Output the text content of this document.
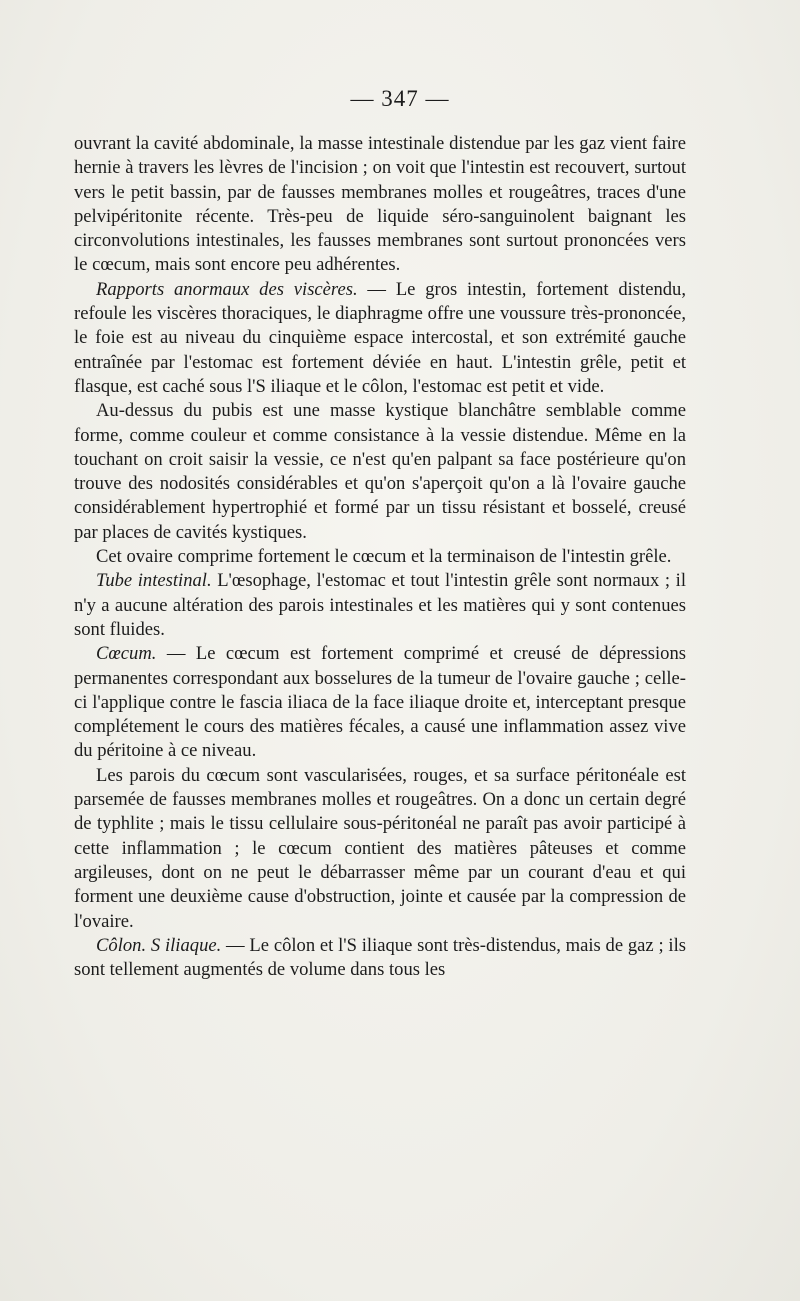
— 347 —

ouvrant la cavité abdominale, la masse intestinale distendue par les gaz vient faire hernie à travers les lèvres de l'incision ; on voit que l'intestin est recouvert, surtout vers le petit bassin, par de fausses membranes molles et rougeâtres, traces d'une pelvipéritonite récente. Très-peu de liquide séro-sanguinolent baignant les circonvolutions intestinales, les fausses membranes sont surtout prononcées vers le cœcum, mais sont encore peu adhérentes.

Rapports anormaux des viscères. — Le gros intestin, fortement distendu, refoule les viscères thoraciques, le diaphragme offre une voussure très-prononcée, le foie est au niveau du cinquième espace intercostal, et son extrémité gauche entraînée par l'estomac est fortement déviée en haut. L'intestin grêle, petit et flasque, est caché sous l'S iliaque et le côlon, l'estomac est petit et vide.

Au-dessus du pubis est une masse kystique blanchâtre semblable comme forme, comme couleur et comme consistance à la vessie distendue. Même en la touchant on croit saisir la vessie, ce n'est qu'en palpant sa face postérieure qu'on trouve des nodosités considérables et qu'on s'aperçoit qu'on a là l'ovaire gauche considérablement hypertrophié et formé par un tissu résistant et bosselé, creusé par places de cavités kystiques.

Cet ovaire comprime fortement le cœcum et la terminaison de l'intestin grêle.

Tube intestinal. L'œsophage, l'estomac et tout l'intestin grêle sont normaux ; il n'y a aucune altération des parois intestinales et les matières qui y sont contenues sont fluides.

Cœcum. — Le cœcum est fortement comprimé et creusé de dépressions permanentes correspondant aux bosselures de la tumeur de l'ovaire gauche ; celle-ci l'applique contre le fascia iliaca de la face iliaque droite et, interceptant presque complétement le cours des matières fécales, a causé une inflammation assez vive du péritoine à ce niveau.

Les parois du cœcum sont vascularisées, rouges, et sa surface péritonéale est parsemée de fausses membranes molles et rougeâtres. On a donc un certain degré de typhlite ; mais le tissu cellulaire sous-péritonéal ne paraît pas avoir participé à cette inflammation ; le cœcum contient des matières pâteuses et comme argileuses, dont on ne peut le débarrasser même par un courant d'eau et qui forment une deuxième cause d'obstruction, jointe et causée par la compression de l'ovaire.

Côlon. S iliaque. — Le côlon et l'S iliaque sont très-distendus, mais de gaz ; ils sont tellement augmentés de volume dans tous les
